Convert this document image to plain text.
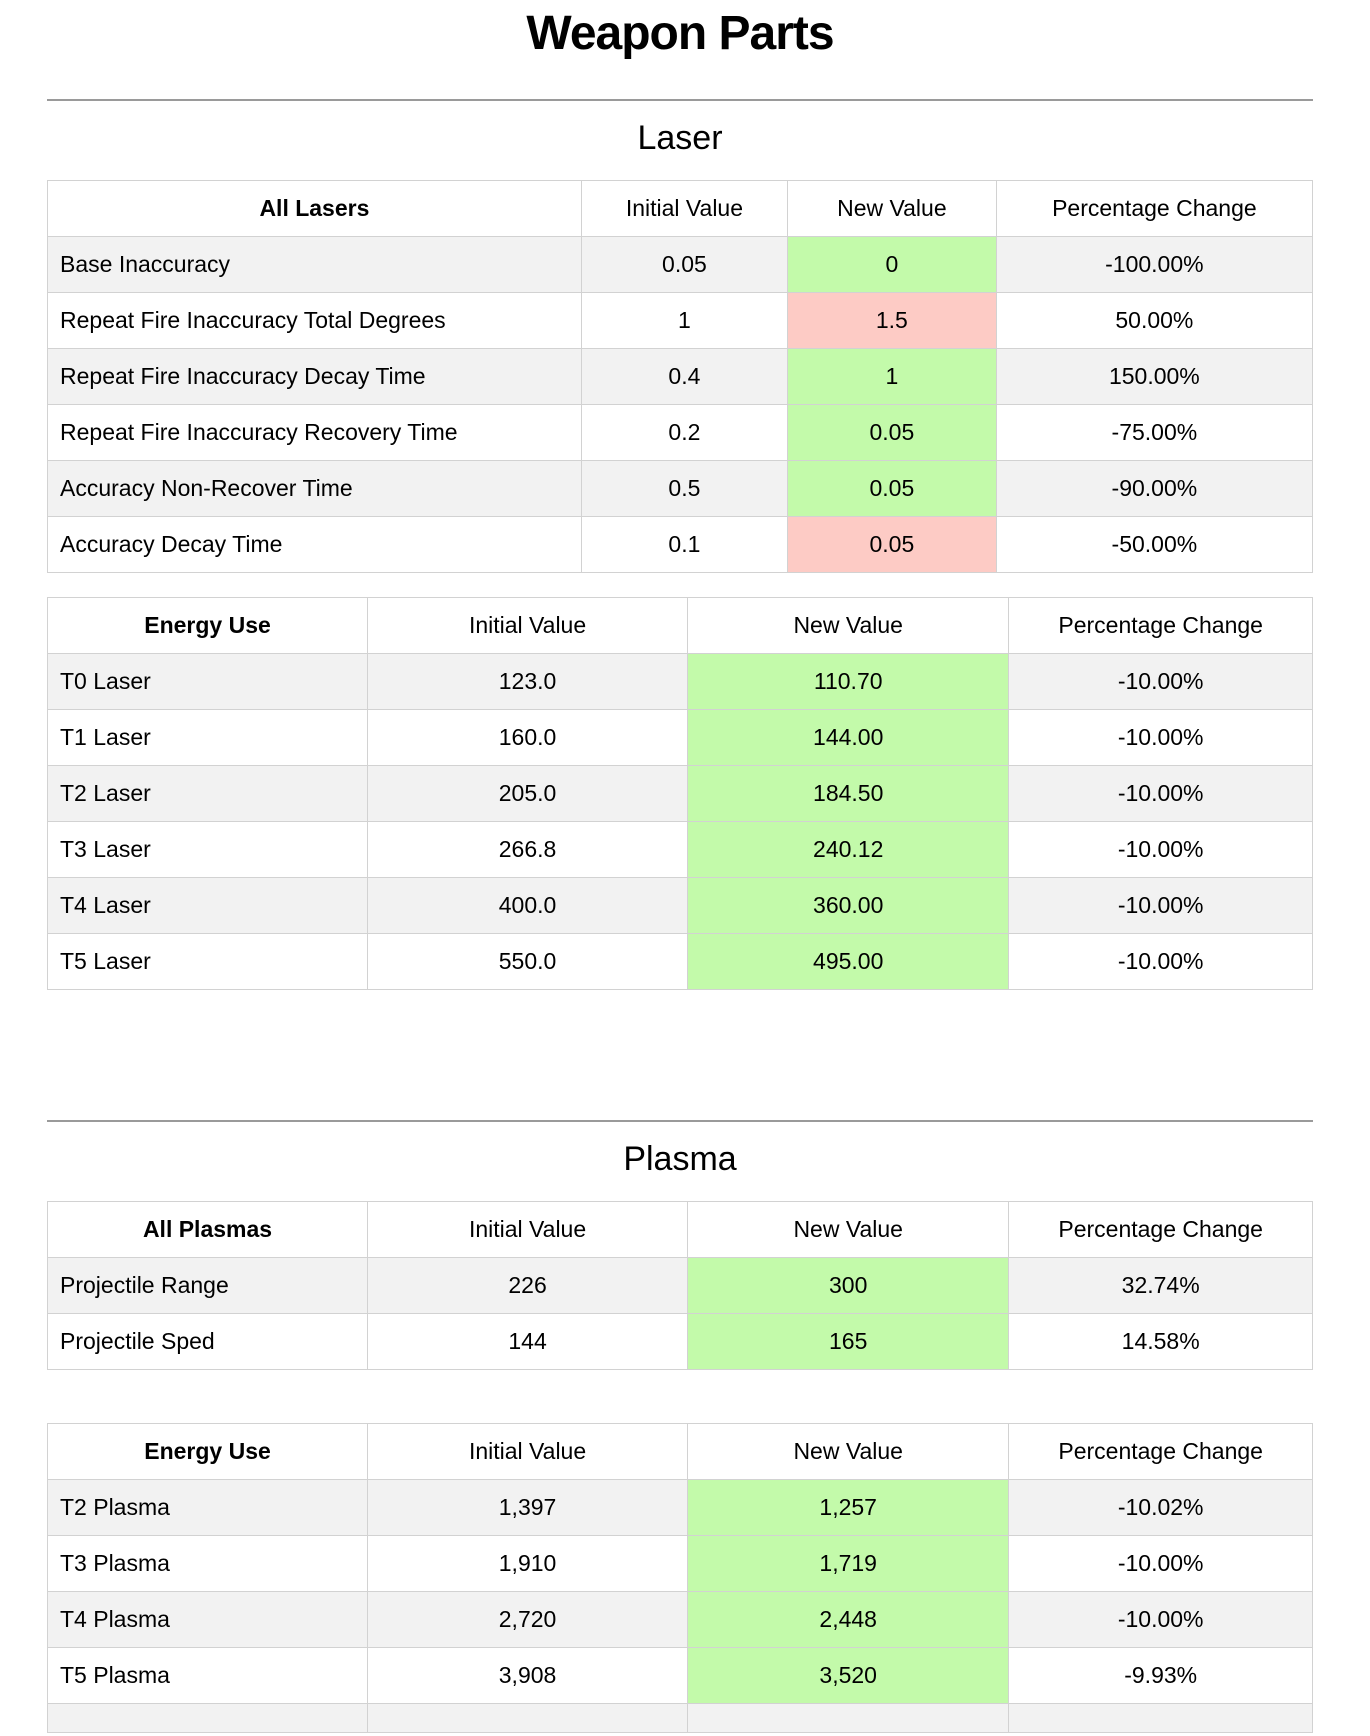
Weapon Parts
Laser
All Lasers	Initial Value	New Value	Percentage Change
Base Inaccuracy	0.05	0	-100.00%
Repeat Fire Inaccuracy Total Degrees	1	1.5	50.00%
Repeat Fire Inaccuracy Decay Time	0.4	1	150.00%
Repeat Fire Inaccuracy Recovery Time	0.2	0.05	-75.00%
Accuracy Non-Recover Time	0.5	0.05	-90.00%
Accuracy Decay Time	0.1	0.05	-50.00%
Energy Use	Initial Value	New Value	Percentage Change
T0 Laser	123.0	110.70	-10.00%
T1 Laser	160.0	144.00	-10.00%
T2 Laser	205.0	184.50	-10.00%
T3 Laser	266.8	240.12	-10.00%
T4 Laser	400.0	360.00	-10.00%
T5 Laser	550.0	495.00	-10.00%
Plasma
All Plasmas	Initial Value	New Value	Percentage Change
Projectile Range	226	300	32.74%
Projectile Sped	144	165	14.58%
Energy Use	Initial Value	New Value	Percentage Change
T2 Plasma	1,397	1,257	-10.02%
T3 Plasma	1,910	1,719	-10.00%
T4 Plasma	2,720	2,448	-10.00%
T5 Plasma	3,908	3,520	-9.93%
